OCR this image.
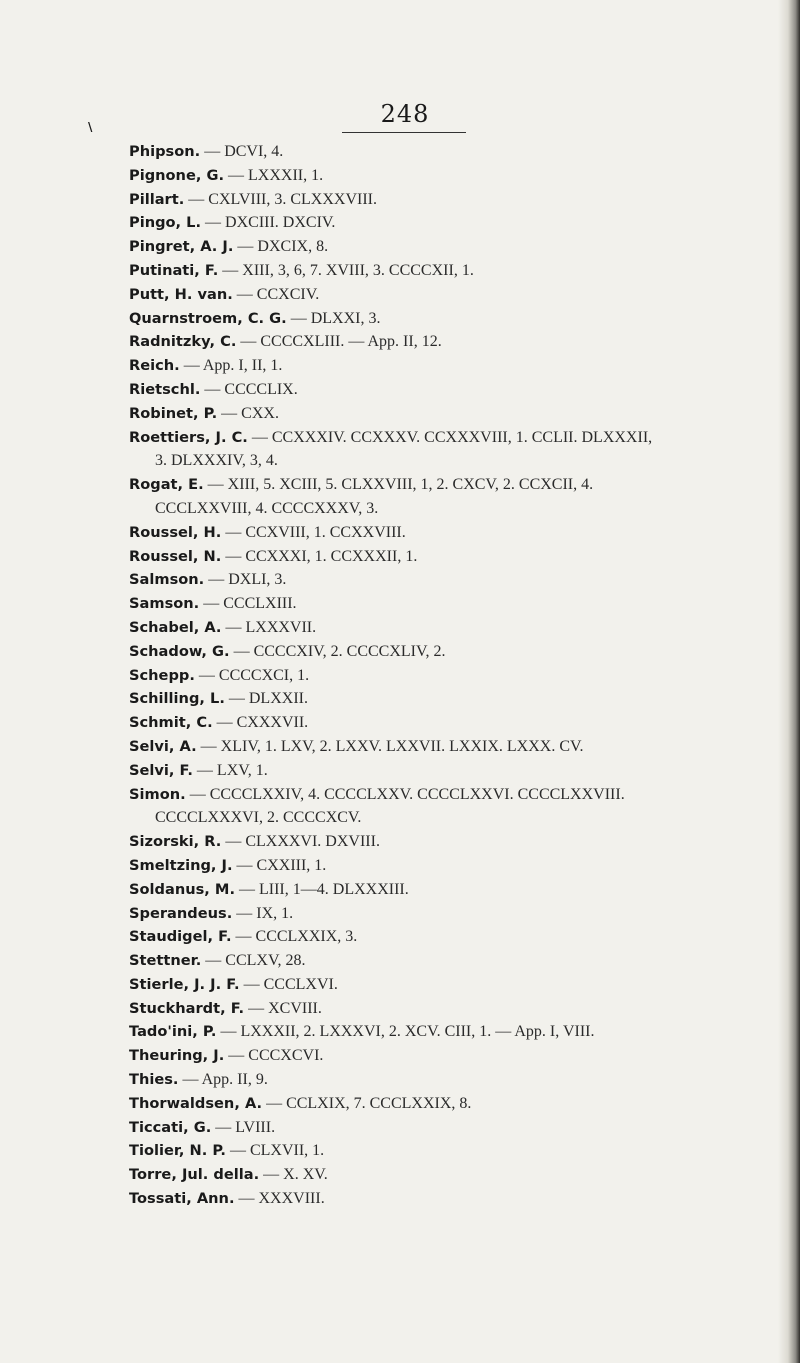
\	248
Phipson. — DCVI, 4.
Pignone, G. — LXXXII, 1.
Pillart. — CXLVIII, 3. CLXXXVIII.
Pingo, L. — DXCIII. DXCIV.
Pingret, A. J. — DXCIX, 8.
Putinati, F. — XIII, 3, 6, 7. XVIII, 3. CCCCXII, 1.
Putt, H. van. — CCXCIV.
Quarnstroem, C. G. — DLXXI, 3.
Radnitzky, C. — CCCCXLIII. — App. II, 12.
Reich. — App. I, II, 1.
Rietschl. — CCCCLIX.
Robinet, P. — CXX.
Roettiers, J. C. — CCXXXIV. CCXXXV. CCXXXVIII, 1. CCLII. DLXXXII,
3. DLXXXIV, 3, 4.
Rogat, E. — XIII, 5. XCIII, 5. CLXXVIII, 1, 2. CXCV, 2. CCXCII, 4.
CCCLXXVIII, 4. CCCCXXXV, 3.
Roussel, H. — CCXVIII, 1. CCXXVIII.
Roussel, N. — CCXXXI, 1. CCXXXII, 1.
Salmson. — DXLI, 3.
Samson. — CCCLXIII.
Schabel, A. — LXXXVII.
Schadow, G. — CCCCXIV, 2. CCCCXLIV, 2.
Schepp. — CCCCXCI, 1.
Schilling, L. — DLXXII.
Schmit, C. — CXXXVII.
Selvi, A. — XLIV, 1. LXV, 2. LXXV. LXXVII. LXXIX. LXXX. CV.
Selvi, F. — LXV, 1.
Simon. — CCCCLXXIV, 4. CCCCLXXV. CCCCLXXVI. CCCCLXXVIII.
CCCCLXXXVI, 2. CCCCXCV.
Sizorski, R. — CLXXXVI. DXVIII.
Smeltzing, J. — CXXIII, 1.
Soldanus, M. — LIII, 1—4. DLXXXIII.
Sperandeus. — IX, 1.
Staudigel, F. — CCCLXXIX, 3.
Stettner. — CCLXV, 28.
Stierle, J. J. F. — CCCLXVI.
Stuckhardt, F. — XCVIII.
Tado'ini, P. — LXXXII, 2. LXXXVI, 2. XCV. CIII, 1. — App. I, VIII.
Theuring, J. — CCCXCVI.
Thies. — App. II, 9.
Thorwaldsen, A. — CCLXIX, 7. CCCLXXIX, 8.
Ticcati, G. — LVIII.
Tiolier, N. P. — CLXVII, 1.
Torre, Jul. della. — X. XV.
Tossati, Ann. — XXXVIII.
